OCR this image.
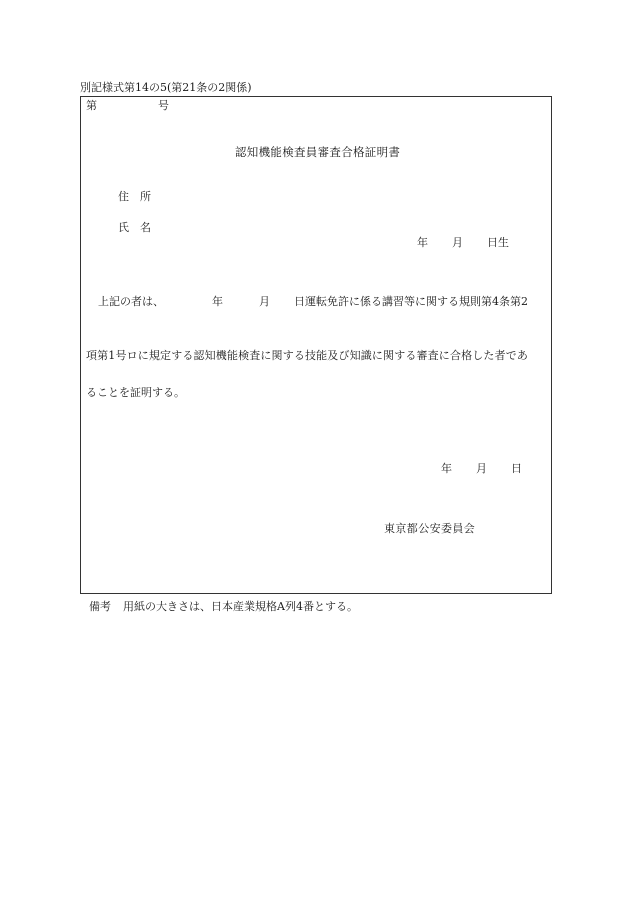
別記様式第14の5(第21条の2関係)
第	号
認知機能検査員審査合格証明書
住所
氏名
年 月 日生
上記の者は、	年	月 日運転免許に係る講習等に関する規則第4条第2
項第1号ロに規定する認知機能検査に関する技能及び知識に関する審査に合格した者であ
ることを証明する。
年 月 日
東京都公安委員会
備考 用紙の大きさは、日本産業規格A列4番とする。
